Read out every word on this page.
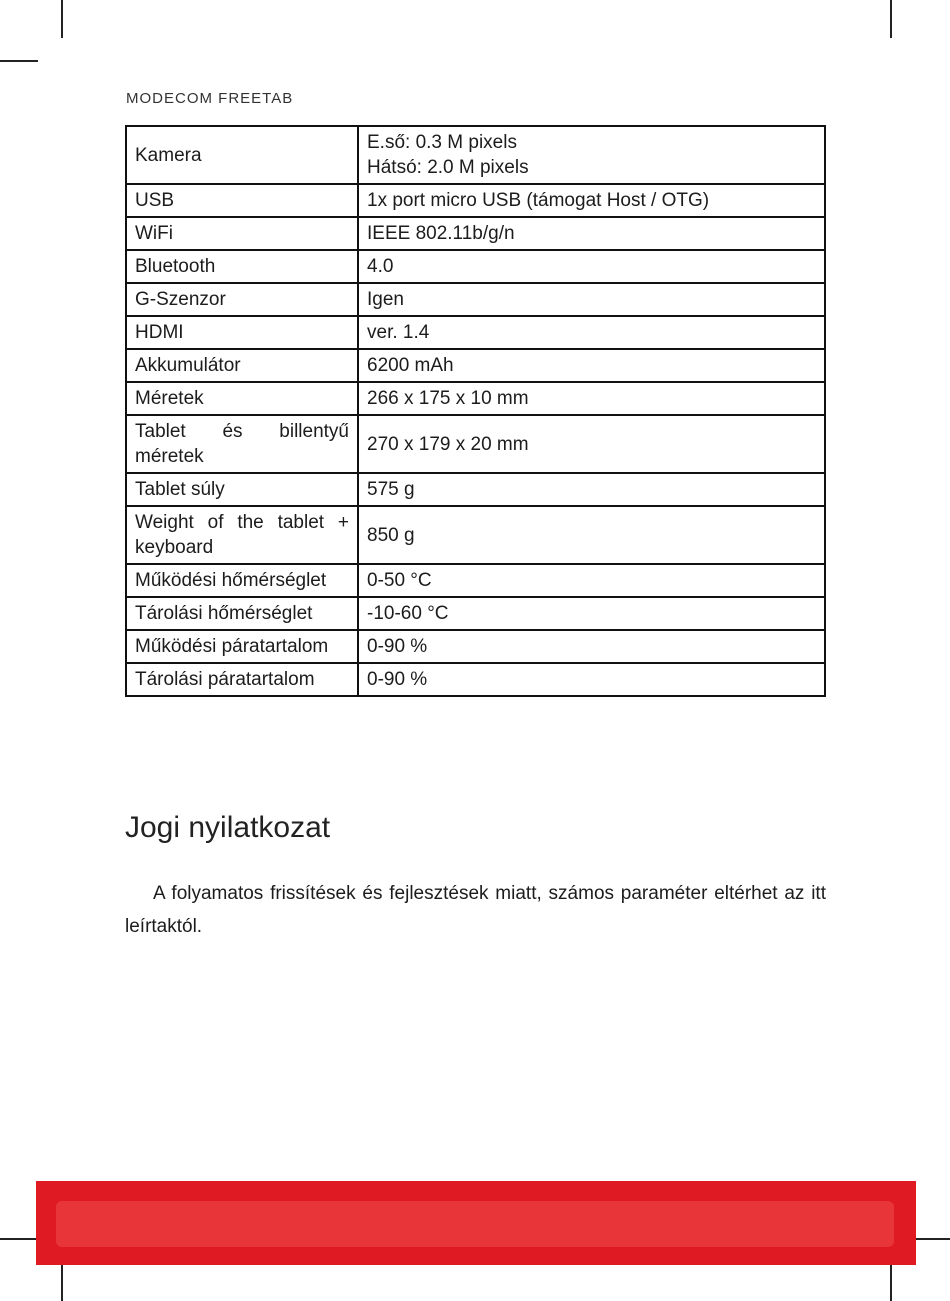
MODECOM FREETAB
Kamera	E.ső: 0.3 M pixels
Hátsó: 2.0 M pixels

USB	1x port micro USB (támogat Host / OTG)

WiFi	IEEE 802.11b/g/n

Bluetooth	4.0

G-Szenzor	Igen

HDMI	ver. 1.4

Akkumulátor	6200 mAh

Méretek	266 x 175 x 10 mm

Tablet és billentyű méretek	270 x 179 x 20 mm

Tablet súly	575 g

Weight of the tablet + keyboard	850 g

Működési hőmérséglet	0-50 °C

Tárolási hőmérséglet	-10-60 °C

Működési páratartalom	0-90 %

Tárolási páratartalom	0-90 %
Jogi nyilatkozat

A folyamatos frissítések és fejlesztések miatt, számos paraméter eltérhet az itt leírtaktól.
